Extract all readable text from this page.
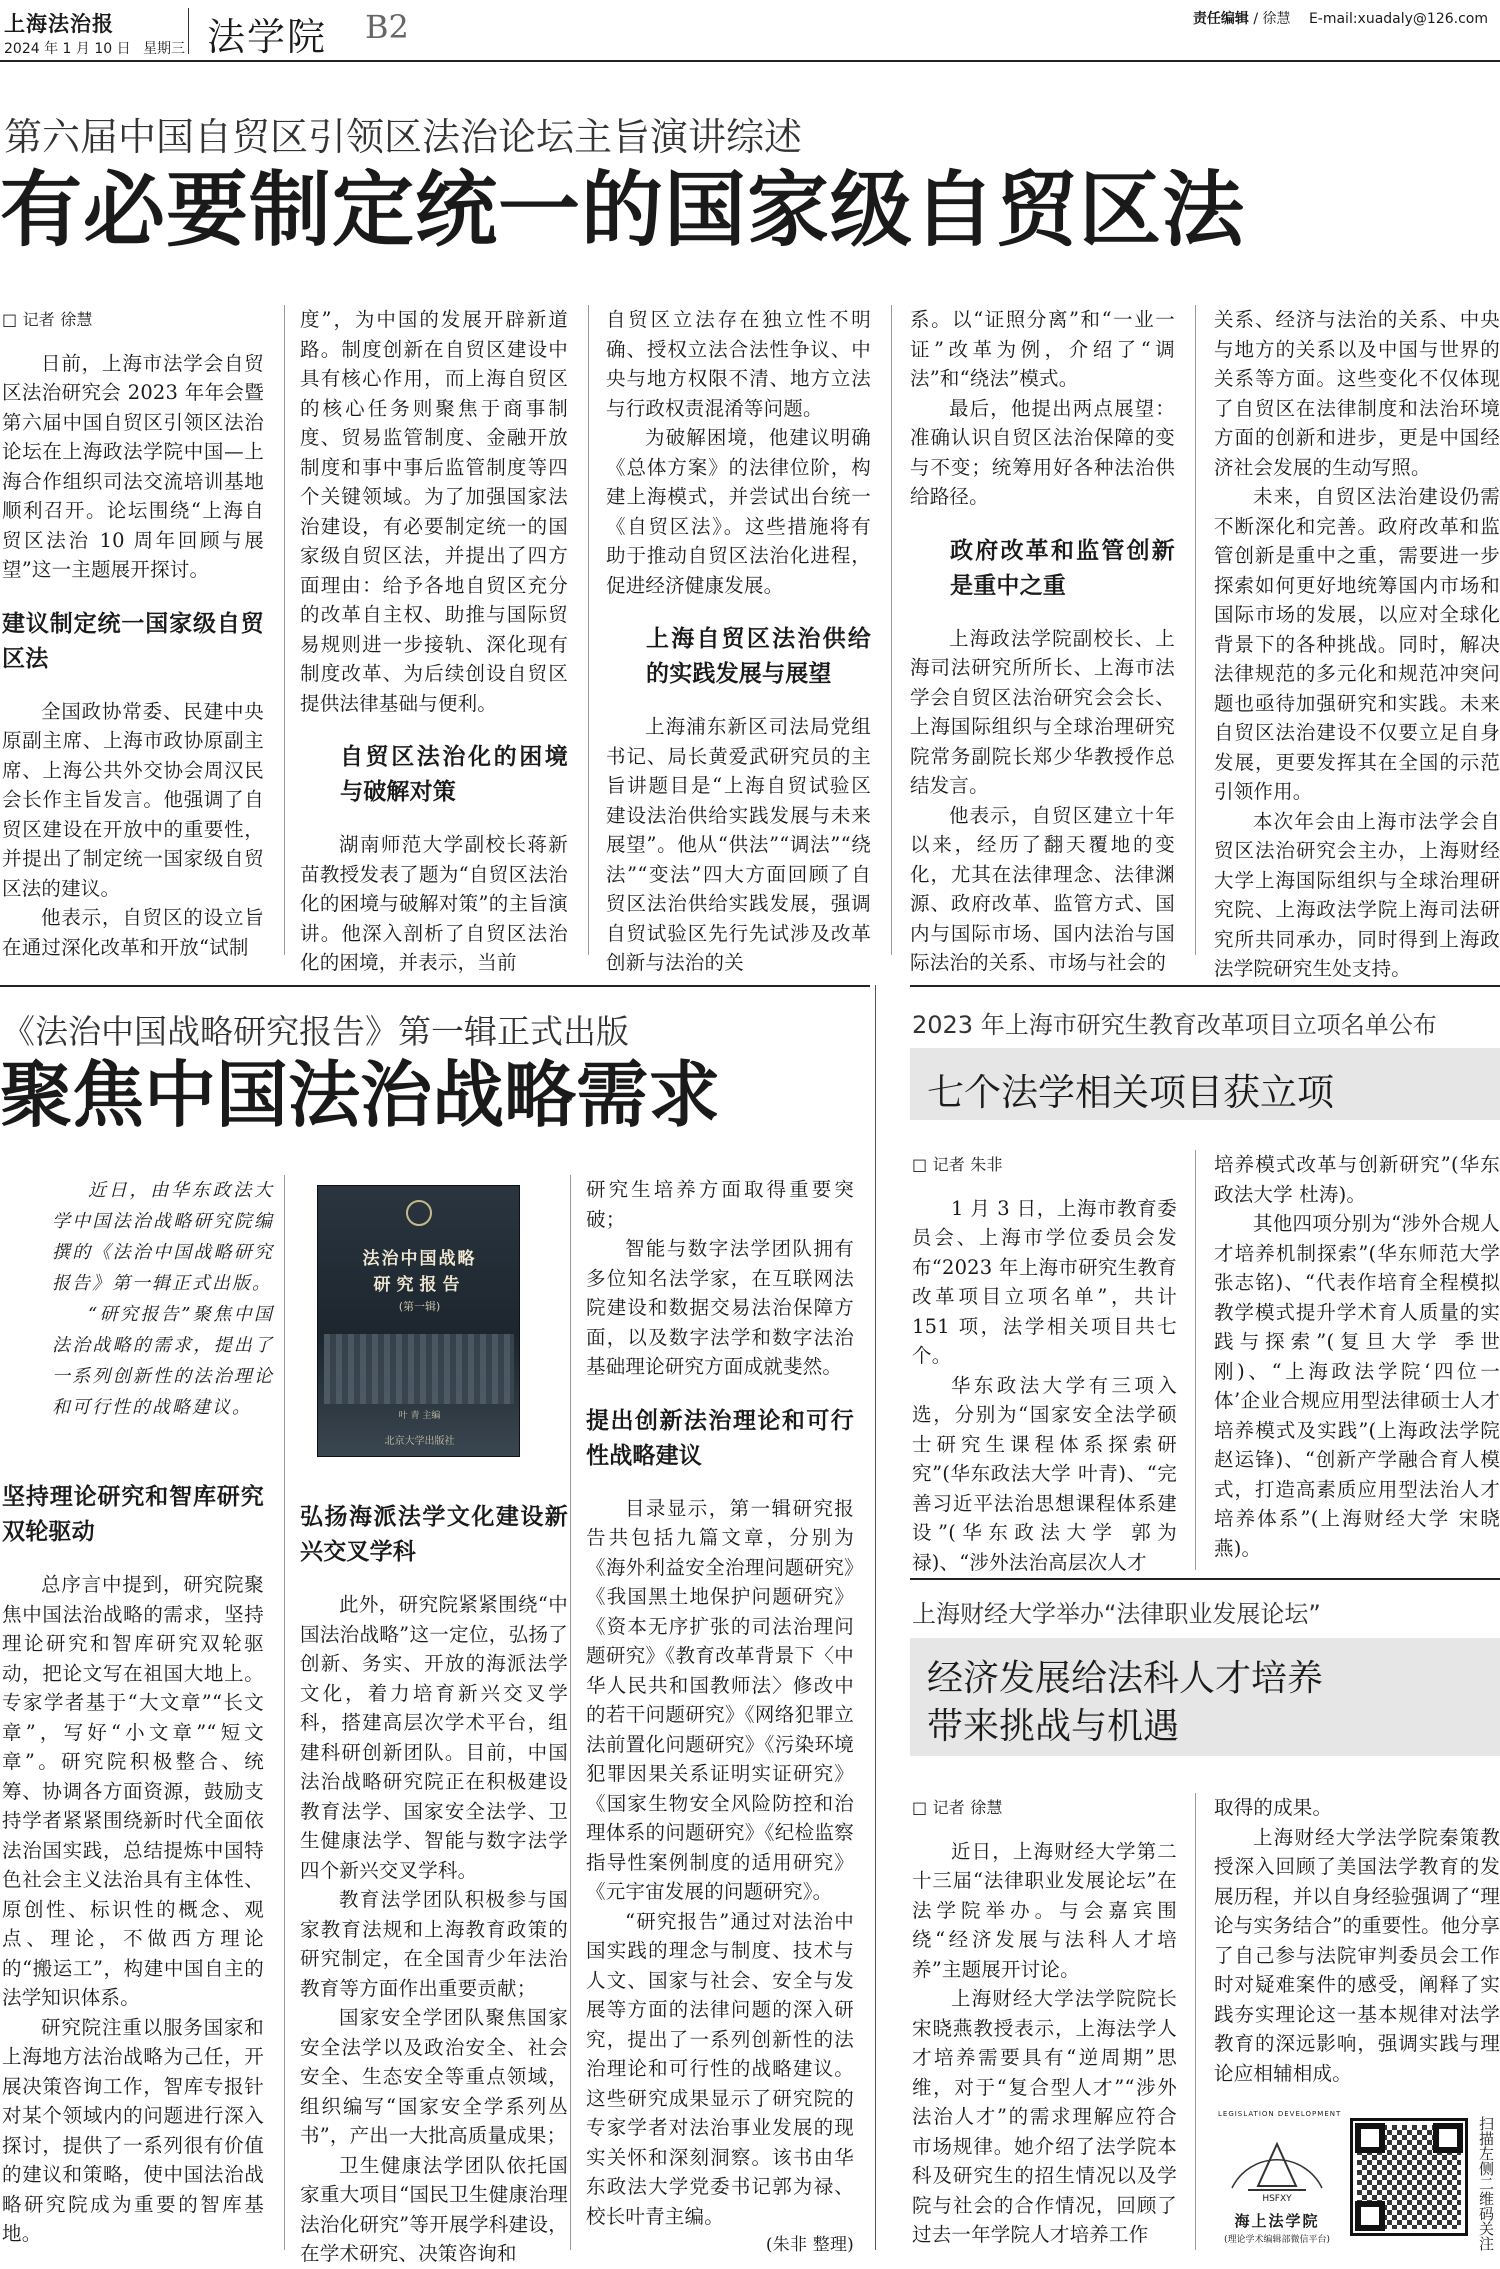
上海法治报
2024 年 1 月 10 日 星期三 法学院 B2	责任编辑 / 徐慧 E-mail:xuadaly@126.com
第六届中国自贸区引领区法治论坛主旨演讲综述
有必要制定统一的国家级自贸区法
□ 记者 徐慧

日前，上海市法学会自贸区法治研究会 2023 年年会暨第六届中国自贸区引领区法治论坛在上海政法学院中国—上海合作组织司法交流培训基地顺利召开。论坛围绕“上海自贸区法治 10 周年回顾与展望”这一主题展开探讨。

建议制定统一国家级自贸区法

全国政协常委、民建中央原副主席、上海市政协原副主席、上海公共外交协会周汉民会长作主旨发言。他强调了自贸区建设在开放中的重要性，并提出了制定统一国家级自贸区法的建议。

他表示，自贸区的设立旨在通过深化改革和开放“试制

度”，为中国的发展开辟新道路。制度创新在自贸区建设中具有核心作用，而上海自贸区的核心任务则聚焦于商事制度、贸易监管制度、金融开放制度和事中事后监管制度等四个关键领域。为了加强国家法治建设，有必要制定统一的国家级自贸区法，并提出了四方面理由：给予各地自贸区充分的改革自主权、助推与国际贸易规则进一步接轨、深化现有制度改革、为后续创设自贸区提供法律基础与便利。

自贸区法治化的困境与破解对策

湖南师范大学副校长蒋新苗教授发表了题为“自贸区法治化的困境与破解对策”的主旨演讲。他深入剖析了自贸区法治化的困境，并表示，当前

自贸区立法存在独立性不明确、授权立法合法性争议、中央与地方权限不清、地方立法与行政权责混淆等问题。

为破解困境，他建议明确《总体方案》的法律位阶，构建上海模式，并尝试出台统一《自贸区法》。这些措施将有助于推动自贸区法治化进程，促进经济健康发展。

上海自贸区法治供给的实践发展与展望

上海浦东新区司法局党组书记、局长黄爱武研究员的主旨讲题目是“上海自贸试验区建设法治供给实践发展与未来展望”。他从“供法”“调法”“绕法”“变法”四大方面回顾了自贸区法治供给实践发展，强调自贸试验区先行先试涉及改革创新与法治的关

系。以“证照分离”和“一业一证”改革为例，介绍了“调法”和“绕法”模式。

最后，他提出两点展望：准确认识自贸区法治保障的变与不变；统筹用好各种法治供给路径。

政府改革和监管创新是重中之重

上海政法学院副校长、上海司法研究所所长、上海市法学会自贸区法治研究会会长、上海国际组织与全球治理研究院常务副院长郑少华教授作总结发言。

他表示，自贸区建立十年以来，经历了翻天覆地的变化，尤其在法律理念、法律渊源、政府改革、监管方式、国内与国际市场、国内法治与国际法治的关系、市场与社会的

关系、经济与法治的关系、中央与地方的关系以及中国与世界的关系等方面。这些变化不仅体现了自贸区在法律制度和法治环境方面的创新和进步，更是中国经济社会发展的生动写照。

未来，自贸区法治建设仍需不断深化和完善。政府改革和监管创新是重中之重，需要进一步探索如何更好地统筹国内市场和国际市场的发展，以应对全球化背景下的各种挑战。同时，解决法律规范的多元化和规范冲突问题也亟待加强研究和实践。未来自贸区法治建设不仅要立足自身发展，更要发挥其在全国的示范引领作用。

本次年会由上海市法学会自贸区法治研究会主办，上海财经大学上海国际组织与全球治理研究院、上海政法学院上海司法研究所共同承办，同时得到上海政法学院研究生处支持。

《法治中国战略研究报告》第一辑正式出版
聚焦中国法治战略需求

近日，由华东政法大学中国法治战略研究院编撰的《法治中国战略研究报告》第一辑正式出版。

“研究报告”聚焦中国法治战略的需求，提出了一系列创新性的法治理论和可行性的战略建议。

法治中国战略
研究报告
(第一辑)
叶 青 主编
北京大学出版社
坚持理论研究和智库研究双轮驱动

总序言中提到，研究院聚焦中国法治战略的需求，坚持理论研究和智库研究双轮驱动，把论文写在祖国大地上。专家学者基于“大文章”“长文章”，写好“小文章”“短文章”。研究院积极整合、统筹、协调各方面资源，鼓励支持学者紧紧围绕新时代全面依法治国实践，总结提炼中国特色社会主义法治具有主体性、原创性、标识性的概念、观点、理论，不做西方理论的“搬运工”，构建中国自主的法学知识体系。

研究院注重以服务国家和上海地方法治战略为己任，开展决策咨询工作，智库专报针对某个领域内的问题进行深入探讨，提供了一系列很有价值的建议和策略，使中国法治战略研究院成为重要的智库基地。

弘扬海派法学文化建设新兴交叉学科

此外，研究院紧紧围绕“中国法治战略”这一定位，弘扬了创新、务实、开放的海派法学文化，着力培育新兴交叉学科，搭建高层次学术平台，组建科研创新团队。目前，中国法治战略研究院正在积极建设教育法学、国家安全法学、卫生健康法学、智能与数字法学四个新兴交叉学科。

教育法学团队积极参与国家教育法规和上海教育政策的研究制定，在全国青少年法治教育等方面作出重要贡献；

国家安全学团队聚焦国家安全法学以及政治安全、社会安全、生态安全等重点领域，组织编写“国家安全学系列丛书”，产出一大批高质量成果；

卫生健康法学团队依托国家重大项目“国民卫生健康治理法治化研究”等开展学科建设，在学术研究、决策咨询和

研究生培养方面取得重要突破；

智能与数字法学团队拥有多位知名法学家，在互联网法院建设和数据交易法治保障方面，以及数字法学和数字法治基础理论研究方面成就斐然。

提出创新法治理论和可行性战略建议

目录显示，第一辑研究报告共包括九篇文章，分别为《海外利益安全治理问题研究》《我国黑土地保护问题研究》《资本无序扩张的司法治理问题研究》《教育改革背景下〈中华人民共和国教师法〉修改中的若干问题研究》《网络犯罪立法前置化问题研究》《污染环境犯罪因果关系证明实证研究》《国家生物安全风险防控和治理体系的问题研究》《纪检监察指导性案例制度的适用研究》《元宇宙发展的问题研究》。

“研究报告”通过对法治中国实践的理念与制度、技术与人文、国家与社会、安全与发展等方面的法律问题的深入研究，提出了一系列创新性的法治理论和可行性的战略建议。这些研究成果显示了研究院的专家学者对法治事业发展的现实关怀和深刻洞察。该书由华东政法大学党委书记郭为禄、校长叶青主编。

(朱非 整理)
2023 年上海市研究生教育改革项目立项名单公布
七个法学相关项目获立项
□ 记者 朱非

1 月 3 日，上海市教育委员会、上海市学位委员会发布“2023 年上海市研究生教育改革项目立项名单”，共计 151 项，法学相关项目共七个。

华东政法大学有三项入选，分别为“国家安全法学硕士研究生课程体系探索研究”(华东政法大学 叶青)、“完善习近平法治思想课程体系建设”(华东政法大学 郭为禄)、“涉外法治高层次人才

培养模式改革与创新研究”(华东政法大学 杜涛)。

其他四项分别为“涉外合规人才培养机制探索”(华东师范大学 张志铭)、“代表作培育全程模拟教学模式提升学术育人质量的实践与探索”(复旦大学 季世刚)、“上海政法学院‘四位一体’企业合规应用型法律硕士人才培养模式及实践”(上海政法学院 赵运锋)、“创新产学融合育人模式，打造高素质应用型法治人才培养体系”(上海财经大学 宋晓燕)。

上海财经大学举办“法律职业发展论坛”
经济发展给法科人才培养
带来挑战与机遇
□ 记者 徐慧

近日，上海财经大学第二十三届“法律职业发展论坛”在法学院举办。与会嘉宾围绕“经济发展与法科人才培养”主题展开讨论。

上海财经大学法学院院长宋晓燕教授表示，上海法学人才培养需要具有“逆周期”思维，对于“复合型人才”“涉外法治人才”的需求理解应符合市场规律。她介绍了法学院本科及研究生的招生情况以及学院与社会的合作情况，回顾了过去一年学院人才培养工作

取得的成果。

上海财经大学法学院秦策教授深入回顾了美国法学教育的发展历程，并以自身经验强调了“理论与实务结合”的重要性。他分享了自己参与法院审判委员会工作时对疑难案件的感受，阐释了实践夯实理论这一基本规律对法学教育的深远影响，强调实践与理论应相辅相成。

LEGISLATION DEVELOPMENT
HSFXY
海上法学院
(理论学术编辑部微信平台)	扫描左侧二维码关注
